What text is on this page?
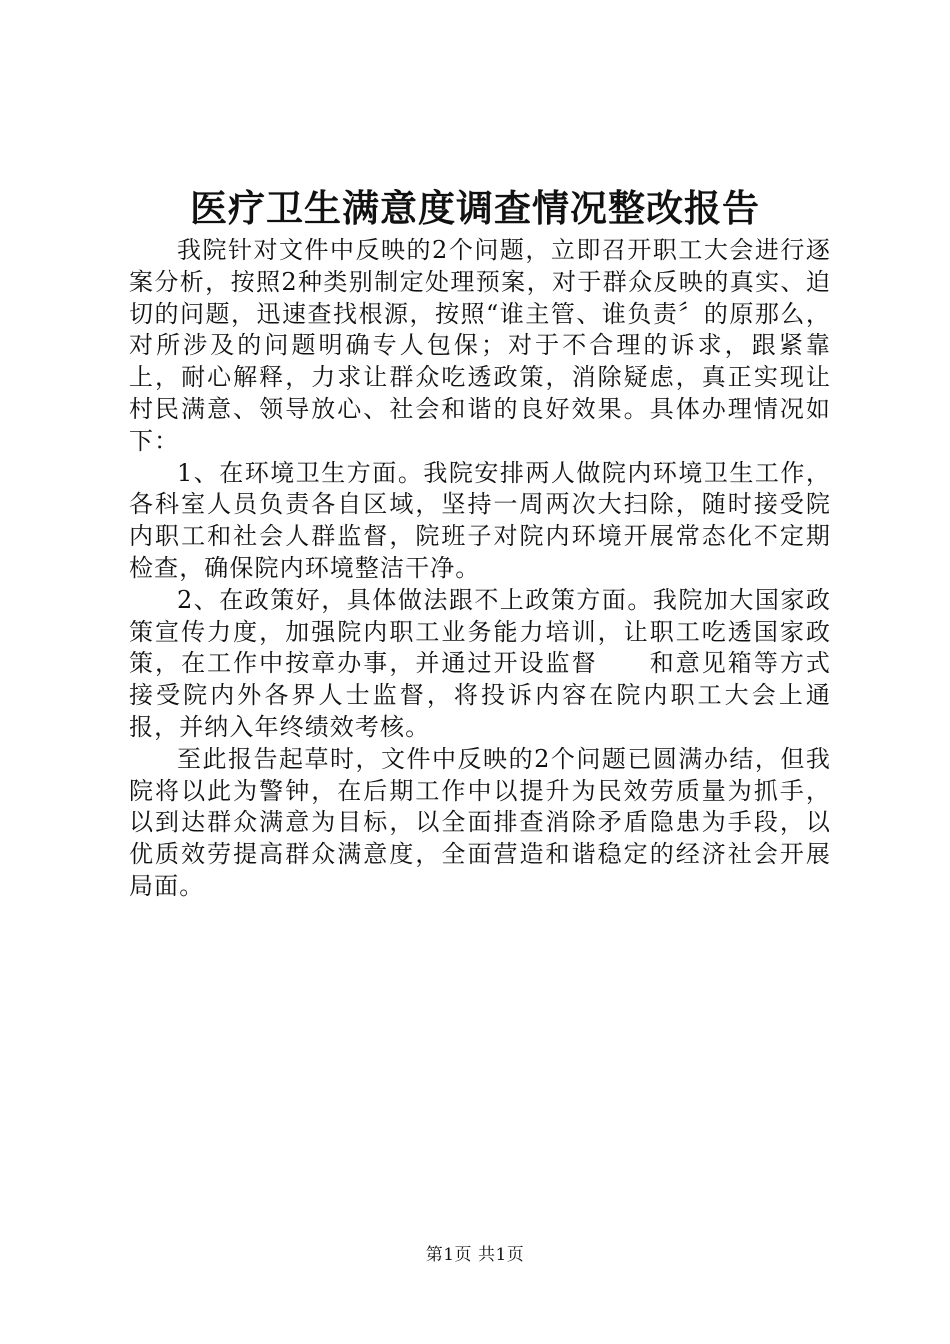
医疗卫生满意度调查情况整改报告

我院针对文件中反映的2个问题，立即召开职工大会进行逐案分析，按照2种类别制定处理预案，对于群众反映的真实、迫切的问题，迅速查找根源，按照“谁主管、谁负责〞的原那么，对所涉及的问题明确专人包保；对于不合理的诉求，跟紧靠上，耐心解释，力求让群众吃透政策，消除疑虑，真正实现让村民满意、领导放心、社会和谐的良好效果。具体办理情况如下：

1、在环境卫生方面。我院安排两人做院内环境卫生工作，各科室人员负责各自区域，坚持一周两次大扫除，随时接受院内职工和社会人群监督，院班子对院内环境开展常态化不定期检查，确保院内环境整洁干净。

2、在政策好，具体做法跟不上政策方面。我院加大国家政策宣传力度，加强院内职工业务能力培训，让职工吃透国家政策，在工作中按章办事，并通过开设监督　　和意见箱等方式接受院内外各界人士监督，将投诉内容在院内职工大会上通报，并纳入年终绩效考核。

至此报告起草时，文件中反映的2个问题已圆满办结，但我院将以此为警钟，在后期工作中以提升为民效劳质量为抓手，以到达群众满意为目标，以全面排查消除矛盾隐患为手段，以优质效劳提高群众满意度，全面营造和谐稳定的经济社会开展局面。

第1页 共1页
